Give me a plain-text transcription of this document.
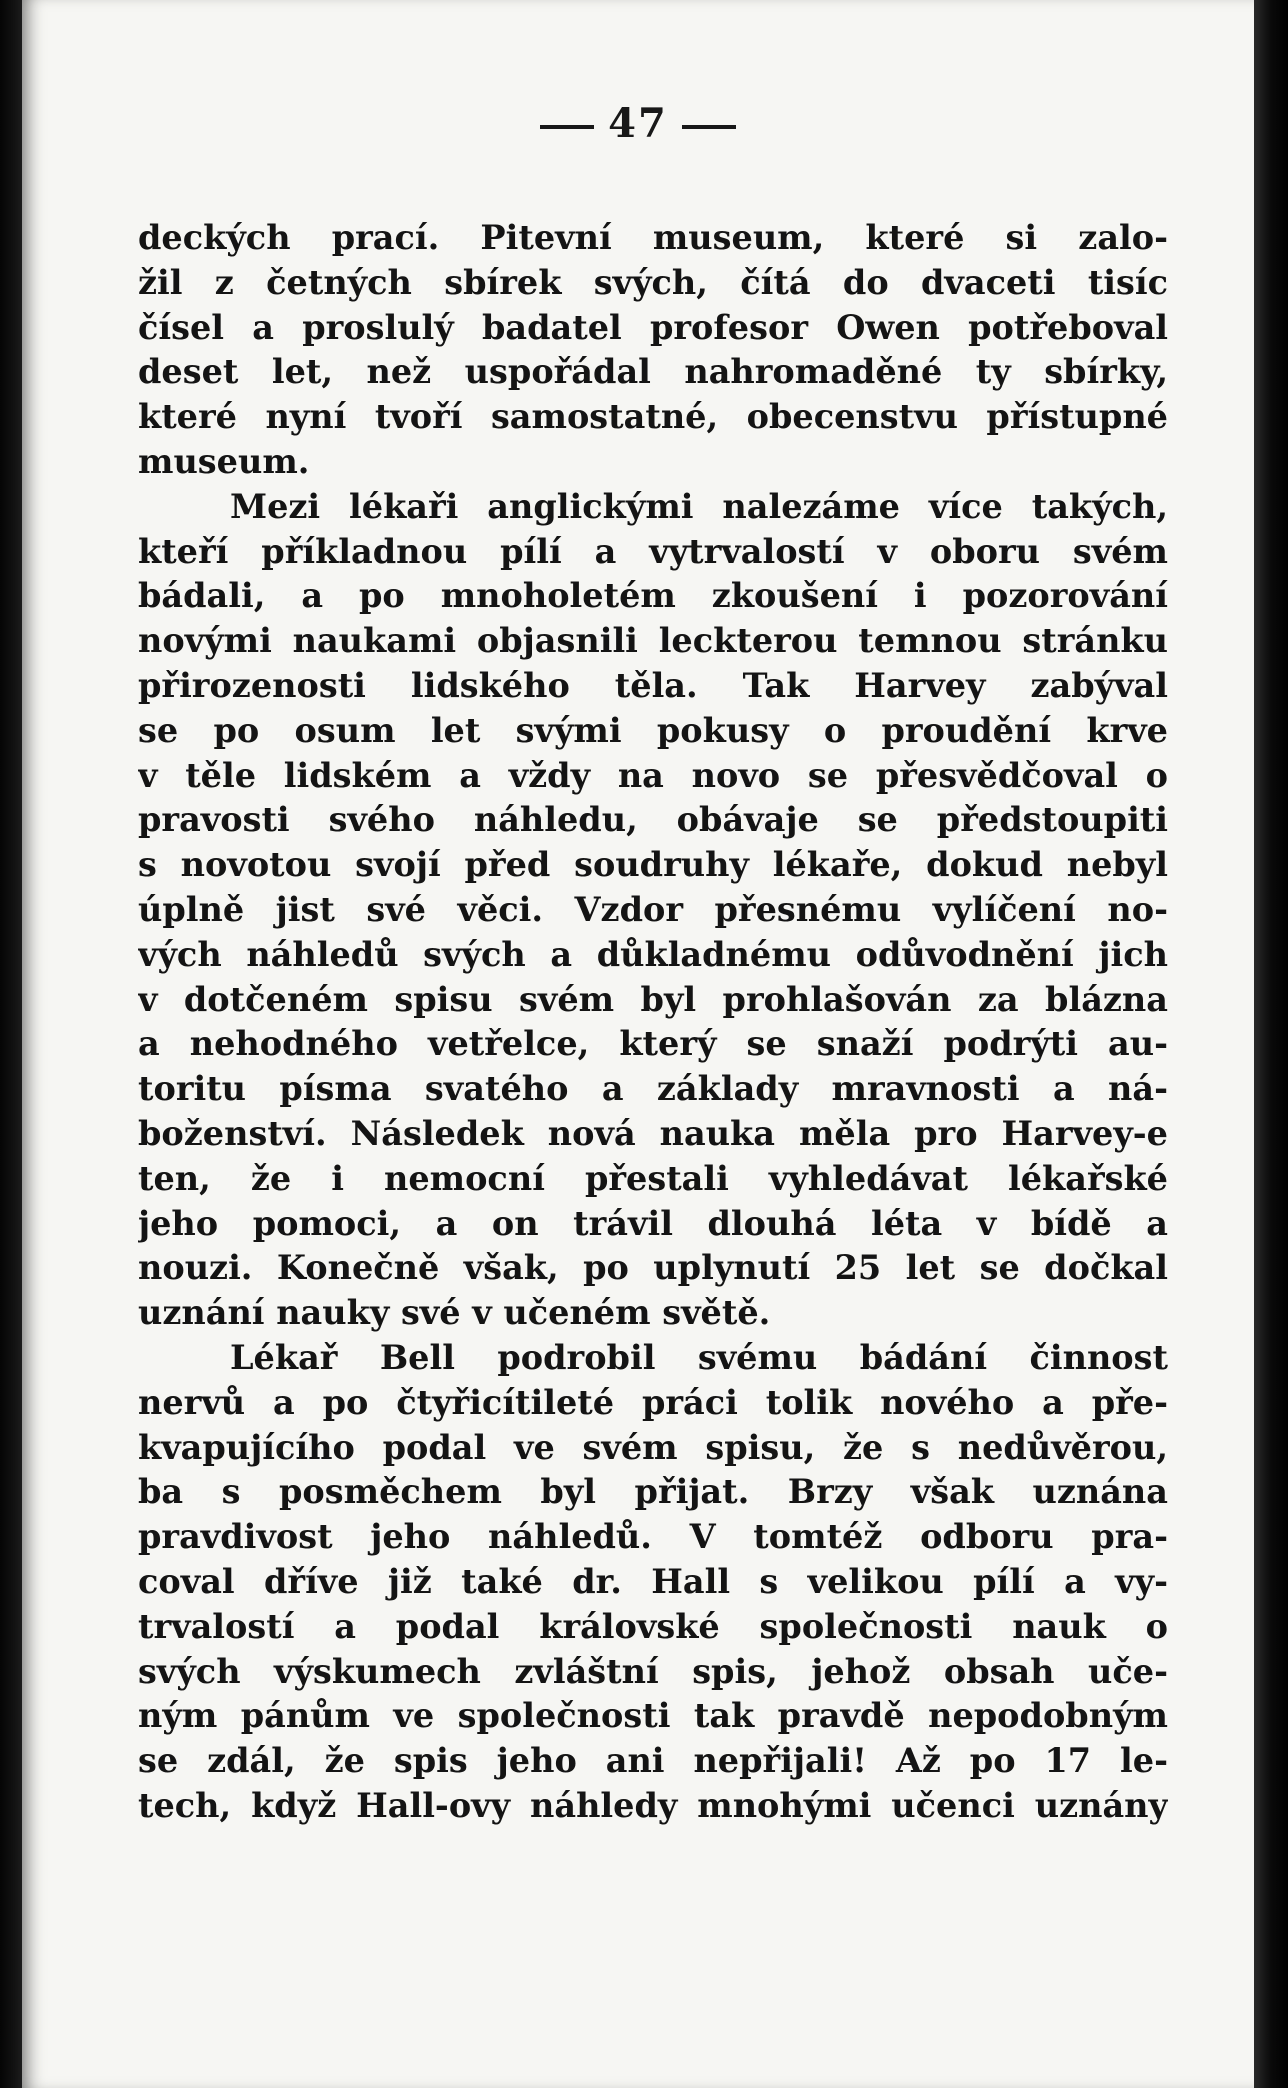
47
deckých prací. Pitevní museum, které si zalo-
žil z četných sbírek svých, čítá do dvaceti tisíc
čísel a proslulý badatel profesor Owen potřeboval
deset let, než uspořádal nahromaděné ty sbírky,
které nyní tvoří samostatné, obecenstvu přístupné
museum.
Mezi lékaři anglickými nalezáme více takých,
kteří příkladnou pílí a vytrvalostí v oboru svém
bádali, a po mnoholetém zkoušení i pozorování
novými naukami objasnili leckterou temnou stránku
přirozenosti lidského těla. Tak Harvey zabýval
se po osum let svými pokusy o proudění krve
v těle lidském a vždy na novo se přesvědčoval o
pravosti svého náhledu, obávaje se předstoupiti
s novotou svojí před soudruhy lékaře, dokud nebyl
úplně jist své věci. Vzdor přesnému vylíčení no-
vých náhledů svých a důkladnému odůvodnění jich
v dotčeném spisu svém byl prohlašován za blázna
a nehodného vetřelce, který se snaží podrýti au-
toritu písma svatého a základy mravnosti a ná-
boženství. Následek nová nauka měla pro Harvey-e
ten, že i nemocní přestali vyhledávat lékařské
jeho pomoci, a on trávil dlouhá léta v bídě a
nouzi. Konečně však, po uplynutí 25 let se dočkal
uznání nauky své v učeném světě.
Lékař Bell podrobil svému bádání činnost
nervů a po čtyřicítileté práci tolik nového a pře-
kvapujícího podal ve svém spisu, že s nedůvěrou,
ba s posměchem byl přijat. Brzy však uznána
pravdivost jeho náhledů. V tomtéž odboru pra-
coval dříve již také dr. Hall s velikou pílí a vy-
trvalostí a podal královské společnosti nauk o
svých výskumech zvláštní spis, jehož obsah uče-
ným pánům ve společnosti tak pravdě nepodobným
se zdál, že spis jeho ani nepřijali! Až po 17 le-
tech, když Hall-ovy náhledy mnohými učenci uznány
